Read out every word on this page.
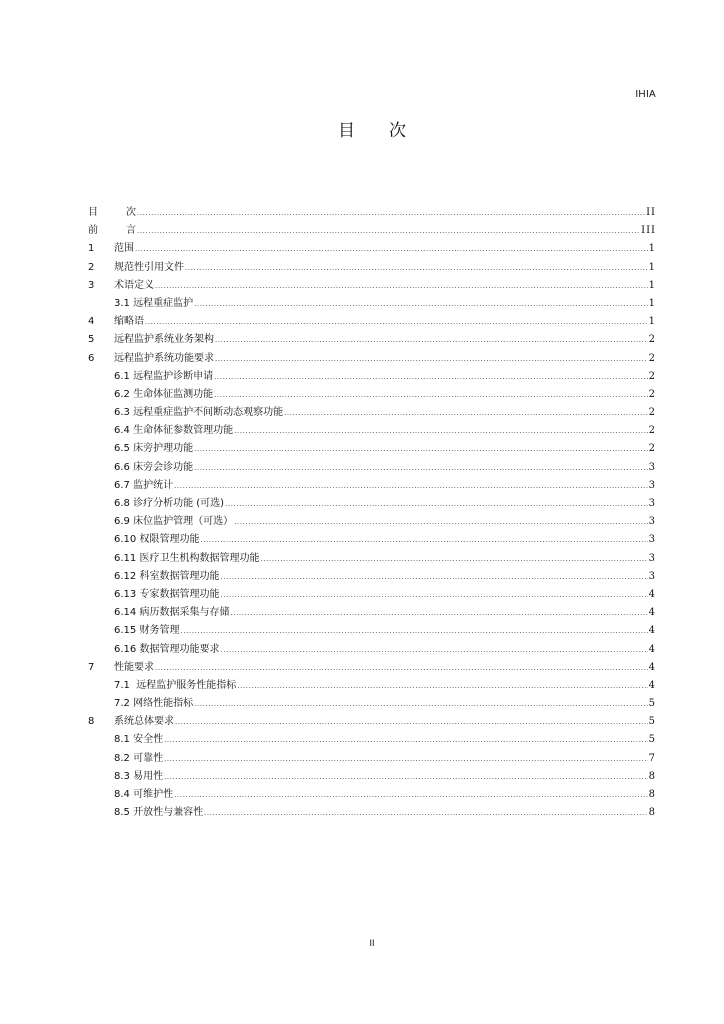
IHIA
目　　次
目	次 .....	II
前	言 .....	III
1	范围 .....	1
2	规范性引用文件 .....	1
3	术语定义 .....	1
3.1 远程重症监护 .....	1
4	缩略语 .....	1
5	远程监护系统业务架构 .....	2
6	远程监护系统功能要求 .....	2
6.1 远程监护诊断申请 .....	2
6.2 生命体征监测功能 .....	2
6.3 远程重症监护不间断动态观察功能 .....	2
6.4 生命体征参数管理功能 .....	2
6.5 床旁护理功能 .....	2
6.6 床旁会诊功能 .....	3
6.7 监护统计 .....	3
6.8 诊疗分析功能 (可选) .....	3
6.9 床位监护管理（可选） .....	3
6.10 权限管理功能 .....	3
6.11 医疗卫生机构数据管理功能 .....	3
6.12 科室数据管理功能 .....	3
6.13 专家数据管理功能 .....	4
6.14 病历数据采集与存储 .....	4
6.15 财务管理 .....	4
6.16 数据管理功能要求 .....	4
7	性能要求 .....	4
7.1  远程监护服务性能指标 .....	4
7.2 网络性能指标 .....	5
8	系统总体要求 .....	5
8.1 安全性 .....	5
8.2 可靠性 .....	7
8.3 易用性 .....	8
8.4 可维护性 .....	8
8.5 开放性与兼容性 .....	8
II
